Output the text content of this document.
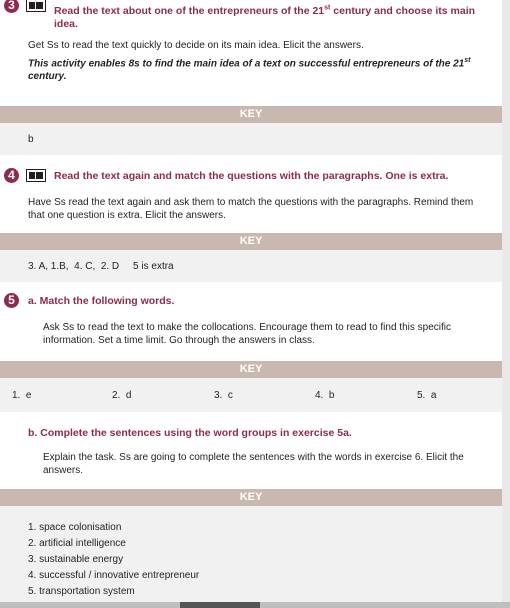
3	Read the text about one of the entrepreneurs of the 21st century and choose its main idea.
Get Ss to read the text quickly to decide on its main idea. Elicit the answers.
This activity enables 8s to find the main idea of a text on successful entrepreneurs of the 21st century.
KEY
b
4	Read the text again and match the questions with the paragraphs. One is extra.
Have Ss read the text again and ask them to match the questions with the paragraphs. Remind them that one question is extra. Elicit the answers.
KEY
3. A, 1.B,  4. C,  2. D     5 is extra
5	a. Match the following words.
Ask Ss to read the text to make the collocations. Encourage them to read to find this specific information. Set a time limit. Go through the answers in class.
KEY
1.  e	2.  d	3.  c	4.  b	5.  a
b. Complete the sentences using the word groups in exercise 5a.
Explain the task. Ss are going to complete the sentences with the words in exercise 6. Elicit the answers.
KEY
1. space colonisation
2. artificial intelligence
3. sustainable energy
4. successful / innovative entrepreneur
5. transportation system
